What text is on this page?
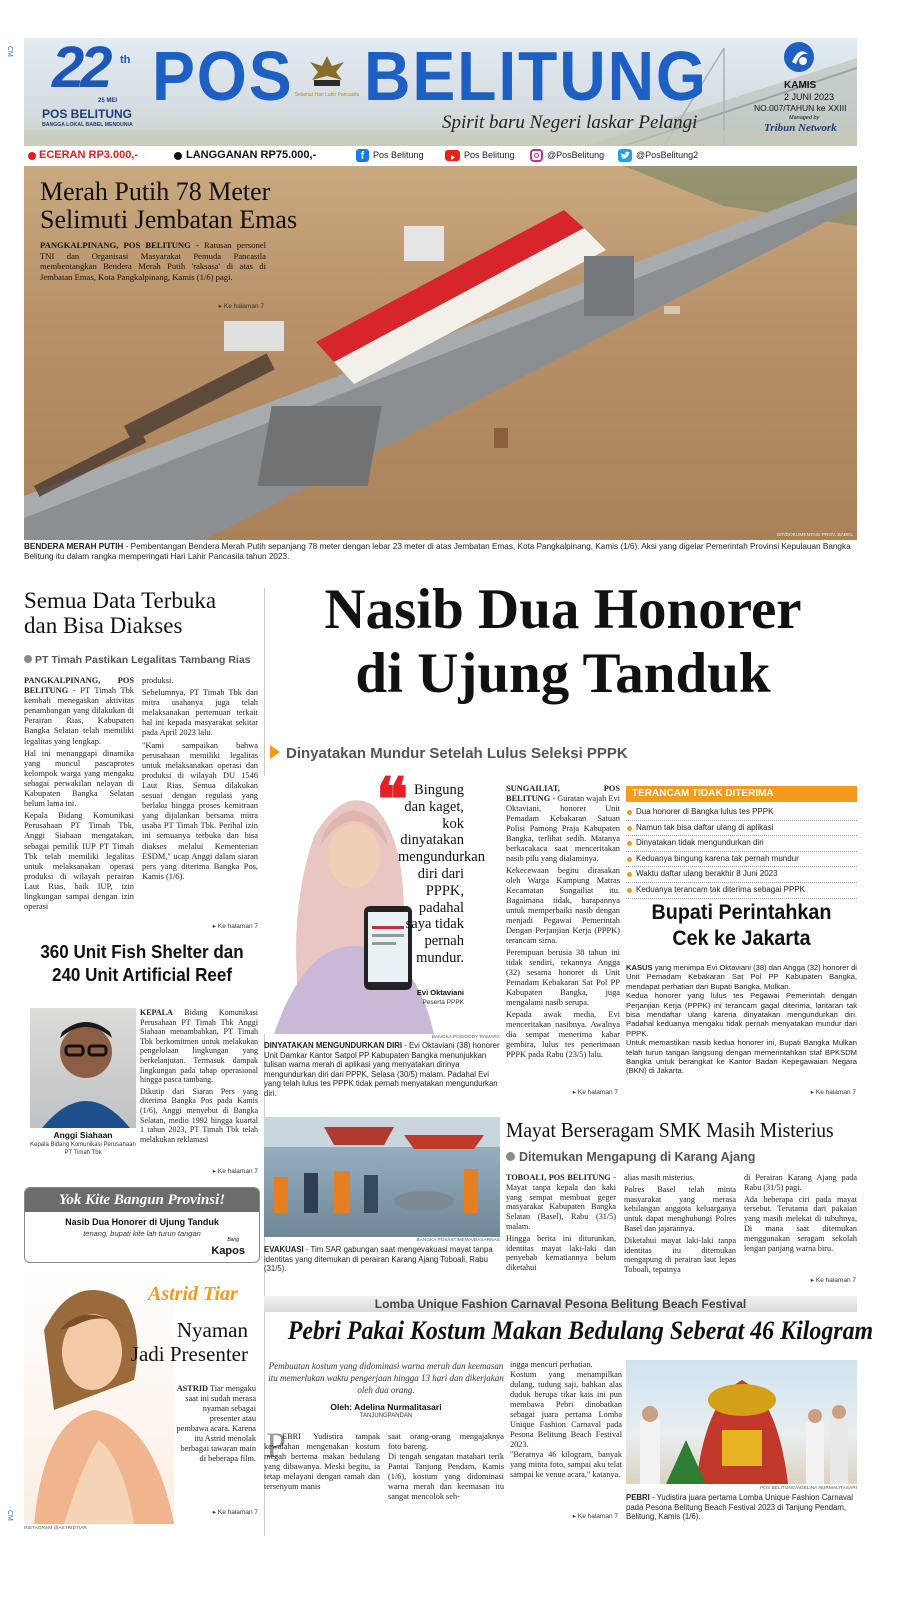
CM
CM
22 th
25 MEI
POS BELITUNG
BANGGA LOKAL BABEL MENDUNIA
POS Selamat Hari Lahir Pancasila BELITUNG
Spirit baru Negeri laskar Pelangi
KAMIS
2 JUNI 2023
NO.007/TAHUN ke XXIII
Managed by
Tribun Network
ECERAN RP3.000,-	LANGGANAN RP75.000,-	f Pos Belitung	Pos Belitung	@PosBelitung	@PosBelitung2
Merah Putih 78 Meter
Selimuti Jembatan Emas
PANGKALPINANG, POS BELITUNG - Ratusan personel TNI dan Organisasi Masyarakat Pemuda Pancasila membentangkan Bendera Merah Putih 'raksasa' di atas di Jembatan Emas, Kota Pangkalpinang, Kamis (1/6) pagi.
▸ Ke halaman 7
IST/DOKUMENTASI PROV. BABEL
BENDERA MERAH PUTIH - Pembentangan Bendera Merah Putih sepanjang 78 meter dengan lebar 23 meter di atas Jembatan Emas, Kota Pangkalpinang, Kamis (1/6). Aksi yang digelar Pemerintah Provinsi Kepulauan Bangka Belitung itu dalam rangka memperingati Hari Lahir Pancasila tahun 2023.
Semua Data Terbuka
dan Bisa Diakses
PT Timah Pastikan Legalitas Tambang Rias

PANGKALPINANG, POS BELITUNG - PT Timah Tbk kembali menegaskan aktivitas penambangan yang dilakukan di Perairan Rias, Kabupaten Bangka Selatan telah memiliki legalitas yang lengkap.

Hal ini menanggapi dinamika yang muncul pascaprotes kelompok warga yang mengaku sebagai perwakilan nelayan di Kabupaten Bangka Selatan belum lama ini.

Kepala Bidang Komunikasi Perusahaan PT Timah Tbk, Anggi Siahaan mengatakan, sebagai pemilik IUP PT Timah Tbk telah memiliki legalitas untuk melaksanakan operasi produksi di wilayah perairan Laut Rias, baik IUP, izin lingkungan sampai dengan izin operasi

produksi.

Sebelumnya, PT Timah Tbk dan mitra usahanya juga telah melaksanakan pertemuan terkait hal ini kepada masyarakat sekitar pada April 2023 lalu.

"Kami sampaikan bahwa perusahaan memiliki legalitas untuk melaksanakan operasi dan produksi di wilayah DU 1546 Laut Rias. Semua dilakukan sesuai dengan regulasi yang berlaku hingga proses kemitraan yang dijalankan bersama mitra usaha PT Timah Tbk. Perihal izin ini semuanya terbuka dan bisa diakses melalui Kementerian ESDM," ucap Anggi dalam siaran pers yang diterima Bangka Pos, Kamis (1/6).

▸ Ke halaman 7
360 Unit Fish Shelter dan
240 Unit Artificial Reef
Anggi Siahaan
Kepala Bidang Komunikasi Perusahaan PT Timah Tbk

KEPALA Bidang Komunikasi Perusahaan PT Timah Tbk Anggi Siahaan menambahkan, PT Timah Tbk berkomitmen untuk melakukan pengelolaan lingkungan yang berkelanjutan. Termasuk dampak lingkungan pada tahap operasional hingga pasca tambang.

Dikutip dari Siaran Pers yang diterima Bangka Pos pada Kamis (1/6), Anggi menyebut di Bangka Selatan, medio 1992 hingga kuartal 1 tahun 2023, PT Timah Tbk telah melakukan reklamasi

▸ Ke halaman 7
Yok Kite Bangun Provinsi!
Nasib Dua Honorer di Ujung Tanduk
tenang, bupati kite lah turun tangan
Bang
Kapos
Astrid Tiar
Nyaman
Jadi Presenter
ASTRID Tiar mengaku saat ini sudah merasa nyaman sebagai presenter atau pembawa acara. Karena itu Astrid menolak berbagai tawaran main di beberapa film.
▸ Ke halaman 7
INSTAGRAM @ASTRIDTIAR
Nasib Dua Honorer
di Ujung Tanduk
Dinyatakan Mundur Setelah Lulus Seleksi PPPK
❝ Bingung dan kaget, kok dinyatakan mengundurkan diri dari PPPK, padahal saya tidak pernah mundur.
Evi Oktaviani
Peserta PPPK
BANGKA POS/DODY RAMARA
DINYATAKAN MENGUNDURKAN DIRI - Evi Oktaviani (38) honorer Unit Damkar Kantor Satpol PP Kabupaten Bangka menunjukkan tulisan warna merah di aplikasi yang menyatakan dirinya mengundurkan diri dari PPPK, Selasa (30/5) malam. Padahal Evi yang telah lulus tes PPPK tidak pernah menyatakan mengundurkan diri.

SUNGAILIAT, POS BELITUNG - Guratan wajah Evi Oktaviani, honorer Unit Pemadam Kebakaran Satuan Polisi Pamong Praja Kabupaten Bangka, terlihat sedih. Matanya berkacakaca saat menceritakan nasib pilu yang dialaminya.

Kekecewaan begitu dirasakan oleh Warga Kampung Matras Kecamatan Sungailiat itu. Bagaimana tidak, harapannya untuk memperbaiki nasib dengan menjadi Pegawai Pemerintah Dengan Perjanjian Kerja (PPPK) terancam sirna.

Perempuan berusia 38 tahun ini tidak sendiri, rekannya Angga (32) sesama honorer di Unit Pemadam Kebakaran Sat Pol PP Kabupaten Bangka, juga mengalami nasib serupa.

Kepada awak media, Evi menceritakan nasibnya. Awalnya dia sempat menerima kabar gembira, lulus tes penerimaan PPPK pada Rabu (23/5) lalu.

▸ Ke halaman 7
TERANCAM TIDAK DITERIMA
Dua honorer di Bangka lulus tes PPPK
Namun tak bisa daftar ulang di aplikasi
Dinyatakan tidak mengundurkan diri
Keduanya bingung karena tak pernah mundur
Waktu daftar ulang berakhir 8 Juni 2023
Keduanya terancam tak diterima sebagai PPPK
Bupati Perintahkan
Cek ke Jakarta

KASUS yang menimpa Evi Oktaviani (38) dan Angga (32) honorer di Unit Pemadam Kebakaran Sat Pol PP Kabupaten Bangka, mendapat perhatian dari Bupati Bangka, Mulkan.

Kedua honorer yang lulus tes Pegawai Pemerintah dengan Perjanjian Kerja (PPPK) ini terancam gagal diterima, lantaran tak bisa mendaftar ulang karena dinyatakan mengundurkan diri. Padahal keduanya mengaku tidak pernah menyatakan mundur dari PPPK.

Untuk memastikan nasib kedua honorer ini, Bupati Bangka Mulkan telah turun tangan langsung dengan memerintahkan staf BPKSDM Bangka untuk berangkat ke Kantor Badan Kepegawaian Negara (BKN) di Jakarta.

▸ Ke halaman 7
BANGKA POS/ISTIMEWA/BASARNAS
EVAKUASI - Tim SAR gabungan saat mengevakuasi mayat tanpa identitas yang ditemukan di perairan Karang Ajang Toboali, Rabu (31/5).
Mayat Berseragam SMK Masih Misterius
Ditemukan Mengapung di Karang Ajang

TOBOALI, POS BELITUNG - Mayat tanpa kepala dan kaki yang sempat membuat geger masyarakat Kabupaten Bangka Selatan (Basel), Rabu (31/5) malam.

Hingga berita ini diturunkan, identitas mayat laki-laki dan penyebab kematiannya belum diketahui

alias masih misterius.

Polres Basel telah minta masyarakat yang merasa kehilangan anggota keluarganya untuk dapat menghubungi Polres Basel dan jajarannya.

Diketahui mayat laki-laki tanpa identitas itu ditemukan mengapung di perairan laut lepas Toboali, tepatnya

di Perairan Karang Ajang pada Rabu (31/5) pagi.

Ada beberapa ciri pada mayat tersebut. Terutama dari pakaian yang masih melekat di tubuhnya, Di mana saat ditemukan menggunakan seragam sekolah lengan panjang warna biru.

▸ Ke halaman 7
Lomba Unique Fashion Carnaval Pesona Belitung Beach Festival
Pebri Pakai Kostum Makan Bedulang Seberat 46 Kilogram
Pembuatan kostum yang didominasi warna merah dan keemasan itu memerlukan waktu pengerjaan hingga 13 hari dan dikerjakan oleh dua orang.
Oleh: Adelina Nurmalitasari
TANJUNGPANDAN
P
EBRI Yudistira tampak kewalahan mengenakan kostum megah bertema makan bedulang yang dibawanya. Meski begitu, ia tetap melayani dengan ramah dan tersenyum manis
saat orang-orang mengajaknya foto bareng.
Di tengah sengatan matahari terik Pantai Tanjung Pendam, Kamis (1/6), kostum yang didominasi warna merah dan keemasan itu sangat mencolok seh-
ingga mencuri perhatian.
Kostum yang menampilkan dulang, tudung saji, bahkan alas duduk berupa tikar kais ini pun membawa Pebri dinobatkan sebagai juara pertama Lomba Unique Fashion Carnaval pada Pesona Belitung Beach Festival 2023.
"Beratnya 46 kilogram, banyak yang minta foto, sampai aku telat sampai ke venue acara," katanya.
▸ Ke halaman 7
POS BELITUNG/ADELINA NURMALITASARI
PEBRI - Yudistira juara pertama Lomba Unique Fashion Carnaval pada Pesona Belitung Beach Festival 2023 di Tanjung Pendam, Belitung, Kamis (1/6).
